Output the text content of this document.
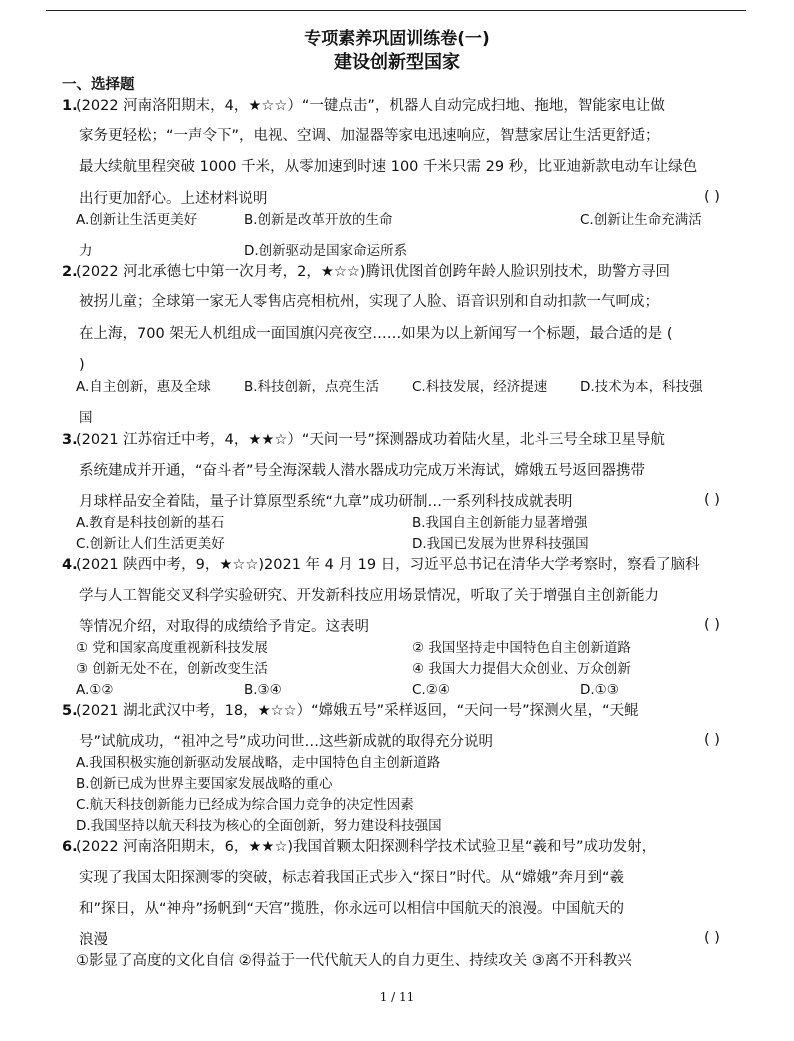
专项素养巩固训练卷(一)
建设创新型国家
一、选择题
1.
(2022 河南洛阳期末，4，★☆☆）“一键点击”，机器人自动完成扫地、拖地，智能家电让做
家务更轻松；“一声令下”，电视、空调、加湿器等家电迅速响应，智慧家居让生活更舒适；
最大续航里程突破 1000 千米，从零加速到时速 100 千米只需 29 秒，比亚迪新款电动车让绿色
出行更加舒心。上述材料说明	( )
A.创新让生活更美好	B.创新是改革开放的生命	C.创新让生命充满活
力	D.创新驱动是国家命运所系
2.
(2022 河北承德七中第一次月考，2，★☆☆)腾讯优图首创跨年龄人脸识别技术，助警方寻回
被拐儿童；全球第一家无人零售店亮相杭州，实现了人脸、语音识别和自动扣款一气呵成；
在上海，700 架无人机组成一面国旗闪亮夜空……如果为以上新闻写一个标题，最合适的是 (
)
A.自主创新，惠及全球 B.科技创新，点亮生活 C.科技发展，经济提速 D.技术为本，科技强
国
3.
(2021 江苏宿迁中考，4，★★☆）“天问一号”探测器成功着陆火星，北斗三号全球卫星导航
系统建成并开通，“奋斗者”号全海深载人潜水器成功完成万米海试，嫦娥五号返回器携带
月球样品安全着陆，量子计算原型系统“九章”成功研制…一系列科技成就表明	( )
A.教育是科技创新的基石	B.我国自主创新能力显著增强
C.创新让人们生活更美好	D.我国已发展为世界科技强国
4.
(2021 陕西中考，9，★☆☆)2021 年 4 月 19 日，习近平总书记在清华大学考察时，察看了脑科
学与人工智能交叉科学实验研究、开发新科技应用场景情况，听取了关于增强自主创新能力
等情况介绍，对取得的成绩给予肯定。这表明	( )
① 党和国家高度重视新科技发展	② 我国坚持走中国特色自主创新道路
③ 创新无处不在，创新改变生活	④ 我国大力提倡大众创业、万众创新
A.①②	B.③④	C.②④	D.①③
5.
(2021 湖北武汉中考，18，★☆☆）“嫦娥五号”采样返回，“天问一号”探测火星，“天鲲
号”试航成功，“祖冲之号”成功问世…这些新成就的取得充分说明	( )
A.我国积极实施创新驱动发展战略，走中国特色自主创新道路
B.创新已成为世界主要国家发展战略的重心
C.航天科技创新能力已经成为综合国力竞争的决定性因素
D.我国坚持以航天科技为核心的全面创新，努力建设科技强国
6.
(2022 河南洛阳期末，6，★★☆)我国首颗太阳探测科学技术试验卫星“羲和号”成功发射，
实现了我国太阳探测零的突破，标志着我国正式步入“探日”时代。从“嫦娥”奔月到“羲
和”探日，从“神舟”扬帆到“天宫”揽胜，你永远可以相信中国航天的浪漫。中国航天的
浪漫	( )
①影显了高度的文化自信 ②得益于一代代航天人的自力更生、持续攻关 ③离不开科教兴
1 / 11
